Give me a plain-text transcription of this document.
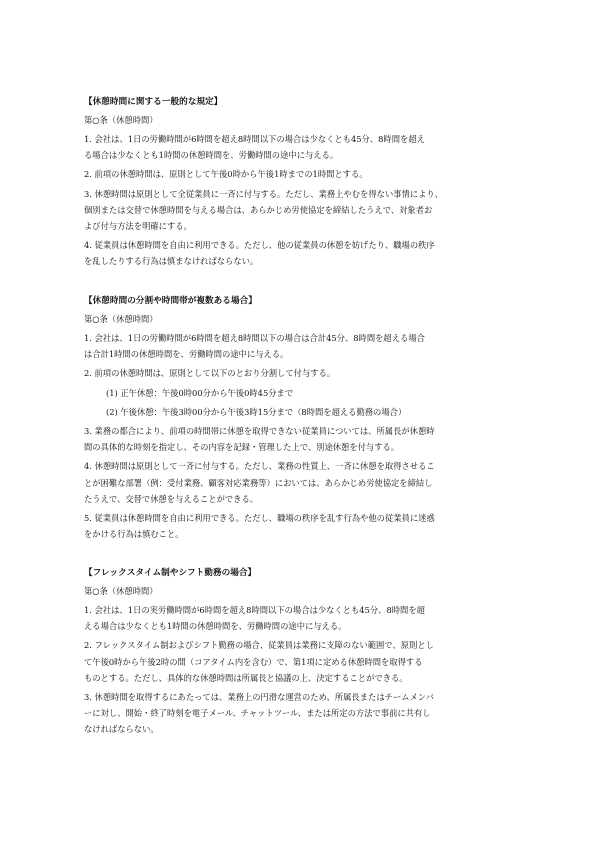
【休憩時間に関する一般的な規定】
第○条（休憩時間）
1. 会社は、1日の労働時間が6時間を超え8時間以下の場合は少なくとも45分、8時間を超え
る場合は少なくとも1時間の休憩時間を、労働時間の途中に与える。
2. 前項の休憩時間は、原則として午後0時から午後1時までの1時間とする。
3. 休憩時間は原則として全従業員に一斉に付与する。ただし、業務上やむを得ない事情により、
個別または交替で休憩時間を与える場合は、あらかじめ労使協定を締結したうえで、対象者お
よび付与方法を明確にする。
4. 従業員は休憩時間を自由に利用できる。ただし、他の従業員の休憩を妨げたり、職場の秩序
を乱したりする行為は慎まなければならない。
【休憩時間の分割や時間帯が複数ある場合】
第○条（休憩時間）
1. 会社は、1日の労働時間が6時間を超え8時間以下の場合は合計45分、8時間を超える場合
は合計1時間の休憩時間を、労働時間の途中に与える。
2. 前項の休憩時間は、原則として以下のとおり分割して付与する。
(1) 正午休憩：午後0時00分から午後0時45分まで
(2) 午後休憩：午後3時00分から午後3時15分まで（8時間を超える勤務の場合）
3. 業務の都合により、前項の時間帯に休憩を取得できない従業員については、所属長が休憩時
間の具体的な時刻を指定し、その内容を記録・管理した上で、別途休憩を付与する。
4. 休憩時間は原則として一斉に付与する。ただし、業務の性質上、一斉に休憩を取得させるこ
とが困難な部署（例：受付業務、顧客対応業務等）においては、あらかじめ労使協定を締結し
たうえで、交替で休憩を与えることができる。
5. 従業員は休憩時間を自由に利用できる。ただし、職場の秩序を乱す行為や他の従業員に迷惑
をかける行為は慎むこと。
【フレックスタイム制やシフト勤務の場合】
第○条（休憩時間）
1. 会社は、1日の実労働時間が6時間を超え8時間以下の場合は少なくとも45分、8時間を超
える場合は少なくとも1時間の休憩時間を、労働時間の途中に与える。
2. フレックスタイム制およびシフト勤務の場合、従業員は業務に支障のない範囲で、原則とし
て午後0時から午後2時の間（コアタイム内を含む）で、第1項に定める休憩時間を取得する
ものとする。ただし、具体的な休憩時間は所属長と協議の上、決定することができる。
3. 休憩時間を取得するにあたっては、業務上の円滑な運営のため、所属長またはチームメンバ
ーに対し、開始・終了時刻を電子メール、チャットツール、または所定の方法で事前に共有し
なければならない。
